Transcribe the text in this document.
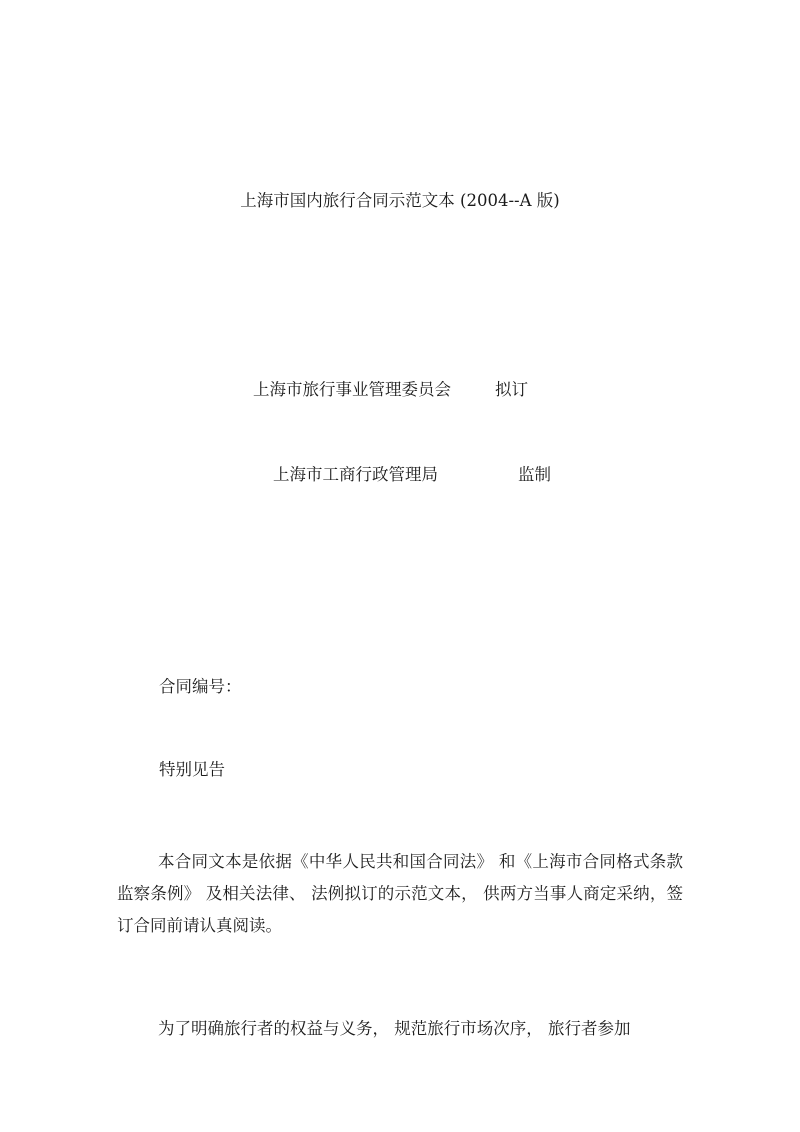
上海市国内旅行合同示范文本 (2004--A 版)
上海市旅行事业管理委员会	拟订
上海市工商行政管理局	监制
合同编号：
特别见告

本合同文本是依据《中华人民共和国合同法》 和《上海市合同格式条款监察条例》 及相关法律、 法例拟订的示范文本， 供两方当事人商定采纳，签订合同前请认真阅读。

为了明确旅行者的权益与义务， 规范旅行市场次序， 旅行者参加
